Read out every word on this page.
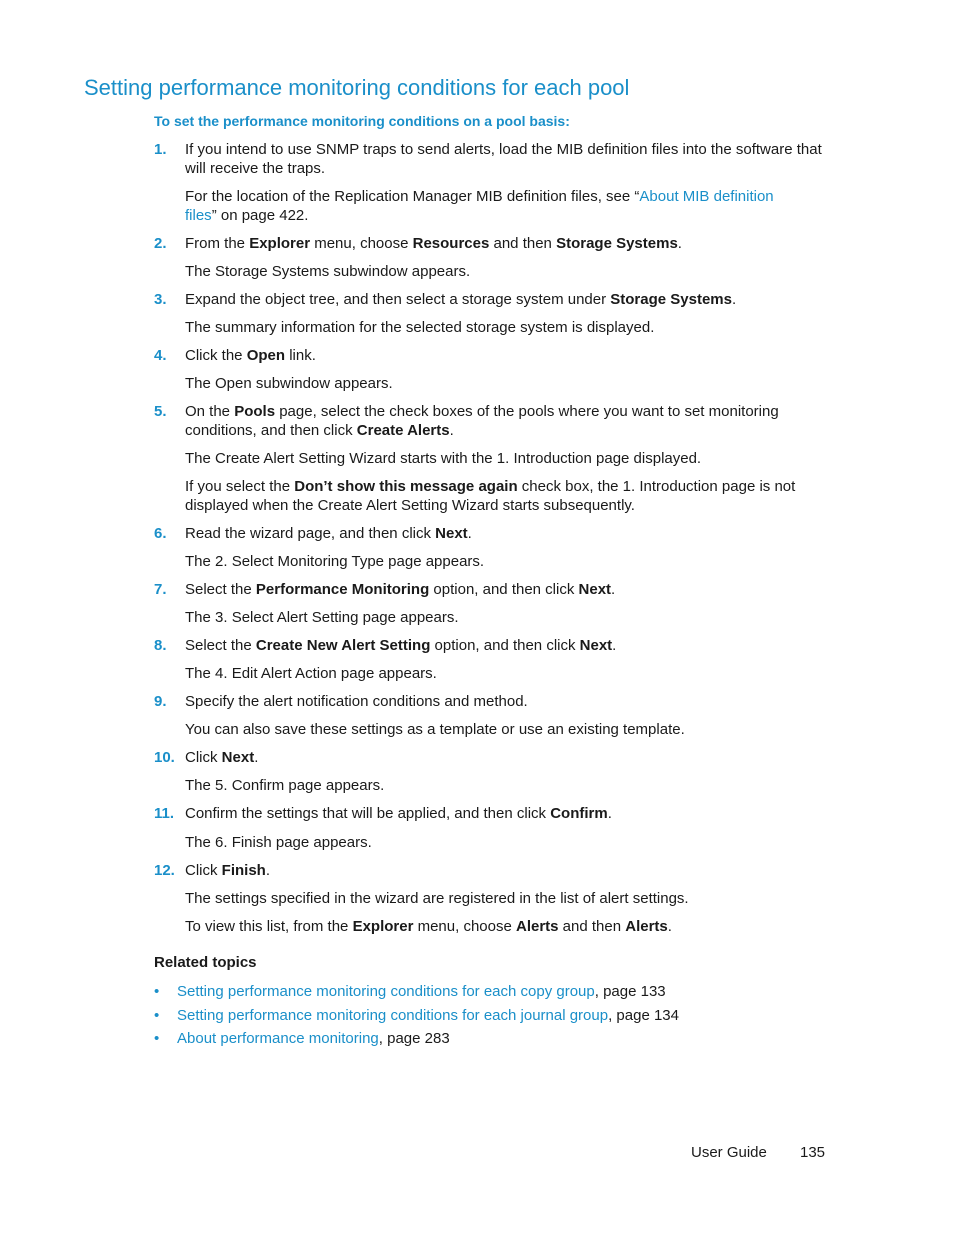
Setting performance monitoring conditions for each pool
To set the performance monitoring conditions on a pool basis:
1. If you intend to use SNMP traps to send alerts, load the MIB definition files into the software that
will receive the traps.
For the location of the Replication Manager MIB definition files, see “About MIB definition
files” on page 422.
2. From the Explorer menu, choose Resources and then Storage Systems.
The Storage Systems subwindow appears.
3. Expand the object tree, and then select a storage system under Storage Systems.
The summary information for the selected storage system is displayed.
4. Click the Open link.
The Open subwindow appears.
5. On the Pools page, select the check boxes of the pools where you want to set monitoring
conditions, and then click Create Alerts.
The Create Alert Setting Wizard starts with the 1. Introduction page displayed.
If you select the Don’t show this message again check box, the 1. Introduction page is not
displayed when the Create Alert Setting Wizard starts subsequently.
6. Read the wizard page, and then click Next.
The 2. Select Monitoring Type page appears.
7. Select the Performance Monitoring option, and then click Next.
The 3. Select Alert Setting page appears.
8. Select the Create New Alert Setting option, and then click Next.
The 4. Edit Alert Action page appears.
9. Specify the alert notification conditions and method.
You can also save these settings as a template or use an existing template.
10. Click Next.
The 5. Confirm page appears.
11. Confirm the settings that will be applied, and then click Confirm.
The 6. Finish page appears.
12. Click Finish.
The settings specified in the wizard are registered in the list of alert settings.
To view this list, from the Explorer menu, choose Alerts and then Alerts.
Related topics
• Setting performance monitoring conditions for each copy group, page 133
• Setting performance monitoring conditions for each journal group, page 134
• About performance monitoring, page 283
User Guide 135
